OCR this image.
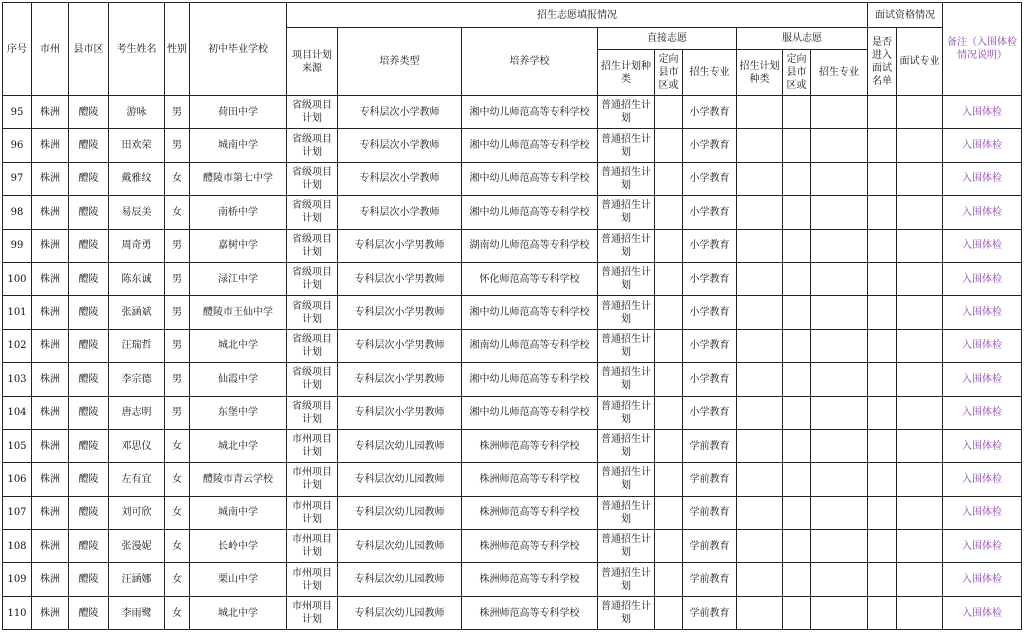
序号	市州	县市区	考生姓名	性别	初中毕业学校	招生志愿填报情况									面试资格情况		备注（入围体检情况说明）
						项目计划来源	培养类型	培养学校	直接志愿			服从志愿			是否进入面试名单	面试专业	
									招生计划种类	定向县市区或	招生专业	招生计划种类	定向县市区或	招生专业			
95	株洲	醴陵	游咏	男	荷田中学	省级项目计划	专科层次小学教师	湘中幼儿师范高等专科学校	普通招生计划		小学教育						入围体检
96	株洲	醴陵	田欢荣	男	城南中学	省级项目计划	专科层次小学教师	湘中幼儿师范高等专科学校	普通招生计划		小学教育						入围体检
97	株洲	醴陵	戴雅纹	女	醴陵市第七中学	省级项目计划	专科层次小学教师	湘中幼儿师范高等专科学校	普通招生计划		小学教育						入围体检
98	株洲	醴陵	易辰美	女	南桥中学	省级项目计划	专科层次小学教师	湘中幼儿师范高等专科学校	普通招生计划		小学教育						入围体检
99	株洲	醴陵	周奇勇	男	嘉树中学	省级项目计划	专科层次小学男教师	湖南幼儿师范高等专科学校	普通招生计划		小学教育						入围体检
100	株洲	醴陵	陈东诚	男	渌江中学	省级项目计划	专科层次小学男教师	怀化师范高等专科学校	普通招生计划		小学教育						入围体检
101	株洲	醴陵	张涵斌	男	醴陵市王仙中学	省级项目计划	专科层次小学男教师	湘中幼儿师范高等专科学校	普通招生计划		小学教育						入围体检
102	株洲	醴陵	汪瑞哲	男	城北中学	省级项目计划	专科层次小学男教师	湘南幼儿师范高等专科学校	普通招生计划		小学教育						入围体检
103	株洲	醴陵	李宗德	男	仙霞中学	省级项目计划	专科层次小学男教师	湘中幼儿师范高等专科学校	普通招生计划		小学教育						入围体检
104	株洲	醴陵	唐志明	男	东堡中学	省级项目计划	专科层次小学男教师	湘中幼儿师范高等专科学校	普通招生计划		小学教育						入围体检
105	株洲	醴陵	邓思仪	女	城北中学	市州项目计划	专科层次幼儿园教师	株洲师范高等专科学校	普通招生计划		学前教育						入围体检
106	株洲	醴陵	左有宜	女	醴陵市青云学校	市州项目计划	专科层次幼儿园教师	株洲师范高等专科学校	普通招生计划		学前教育						入围体检
107	株洲	醴陵	刘可欣	女	城南中学	市州项目计划	专科层次幼儿园教师	株洲师范高等专科学校	普通招生计划		学前教育						入围体检
108	株洲	醴陵	张漫妮	女	长岭中学	市州项目计划	专科层次幼儿园教师	株洲师范高等专科学校	普通招生计划		学前教育						入围体检
109	株洲	醴陵	汪涵娜	女	栗山中学	市州项目计划	专科层次幼儿园教师	株洲师范高等专科学校	普通招生计划		学前教育						入围体检
110	株洲	醴陵	李雨鹭	女	城北中学	市州项目计划	专科层次幼儿园教师	株洲师范高等专科学校	普通招生计划		学前教育						入围体检
